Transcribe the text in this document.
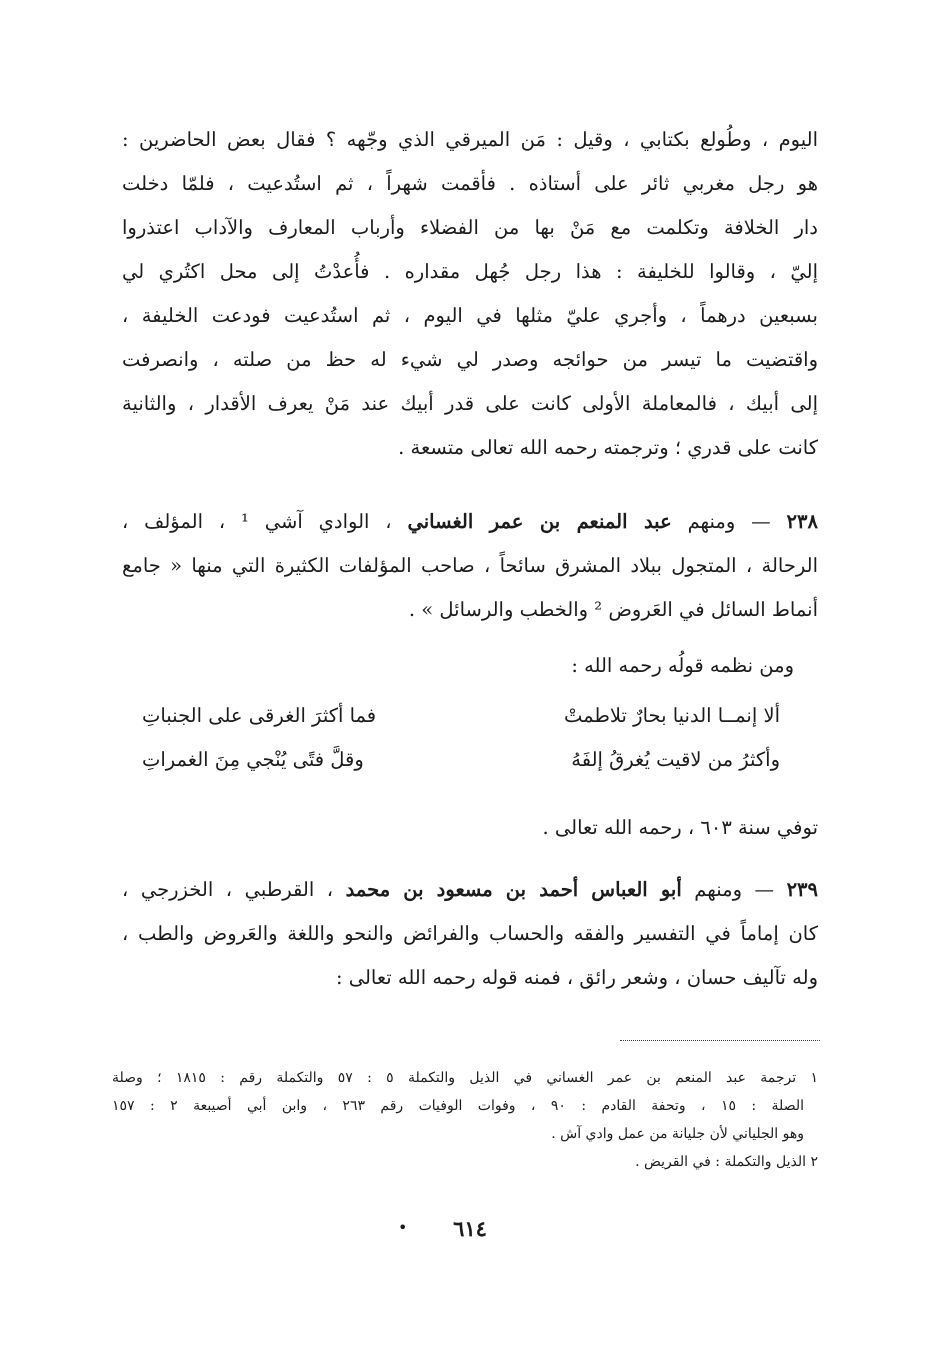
اليوم ، وطُولع بكتابي ، وقيل : مَن الميرقي الذي وجّهه ؟ فقال بعض الحاضرين :
هو رجل مغربي ثائر على أستاذه . فأقمت شهراً ، ثم استُدعيت ، فلمّا دخلت
دار الخلافة وتكلمت مع مَنْ بها من الفضلاء وأرباب المعارف والآداب اعتذروا
إليّ ، وقالوا للخليفة : هذا رجل جُهل مقداره . فأُعدْتُ إلى محل اكتُري لي
بسبعين درهماً ، وأجري عليّ مثلها في اليوم ، ثم استُدعيت فودعت الخليفة ،
واقتضيت ما تيسر من حوائجه وصدر لي شيء له حظ من صلته ، وانصرفت
إلى أبيك ، فالمعاملة الأولى كانت على قدر أبيك عند مَنْ يعرف الأقدار ، والثانية
كانت على قدري ؛ وترجمته رحمه الله تعالى متسعة .
٢٣٨ — ومنهم عبد المنعم بن عمر الغساني ، الوادي آشي ¹ ، المؤلف ،
الرحالة ، المتجول ببلاد المشرق سائحاً ، صاحب المؤلفات الكثيرة التي منها « جامع
أنماط السائل في العَروض ² والخطب والرسائل » .
ومن نظمه قولُه رحمه الله :
ألا إنمــا الدنيا بحارٌ تلاطمتْ
فما أكثرَ الغرقى على الجنباتِ
وأكثرُ من لاقيت يُغرقُ إلفَهُ
وقلَّ فتًى يُنْجي مِنَ الغمراتِ
توفي سنة ٦٠٣ ، رحمه الله تعالى .
٢٣٩ — ومنهم أبو العباس أحمد بن مسعود بن محمد ، القرطبي ، الخزرجي ،
كان إماماً في التفسير والفقه والحساب والفرائض والنحو واللغة والعَروض والطب ،
وله تآليف حسان ، وشعر رائق ، فمنه قوله رحمه الله تعالى :
١ ترجمة عبد المنعم بن عمر الغساني في الذيل والتكملة ٥ : ٥٧ والتكملة رقم : ١٨١٥ ؛ وصلة
الصلة : ١٥ ، وتحفة القادم : ٩٠ ، وفوات الوفيات رقم ٢٦٣ ، وابن أبي أصيبعة ٢ : ١٥٧
وهو الجلياني لأن جليانة من عمل وادي آش .
٢ الذيل والتكملة : في القريض .
•	٦١٤
